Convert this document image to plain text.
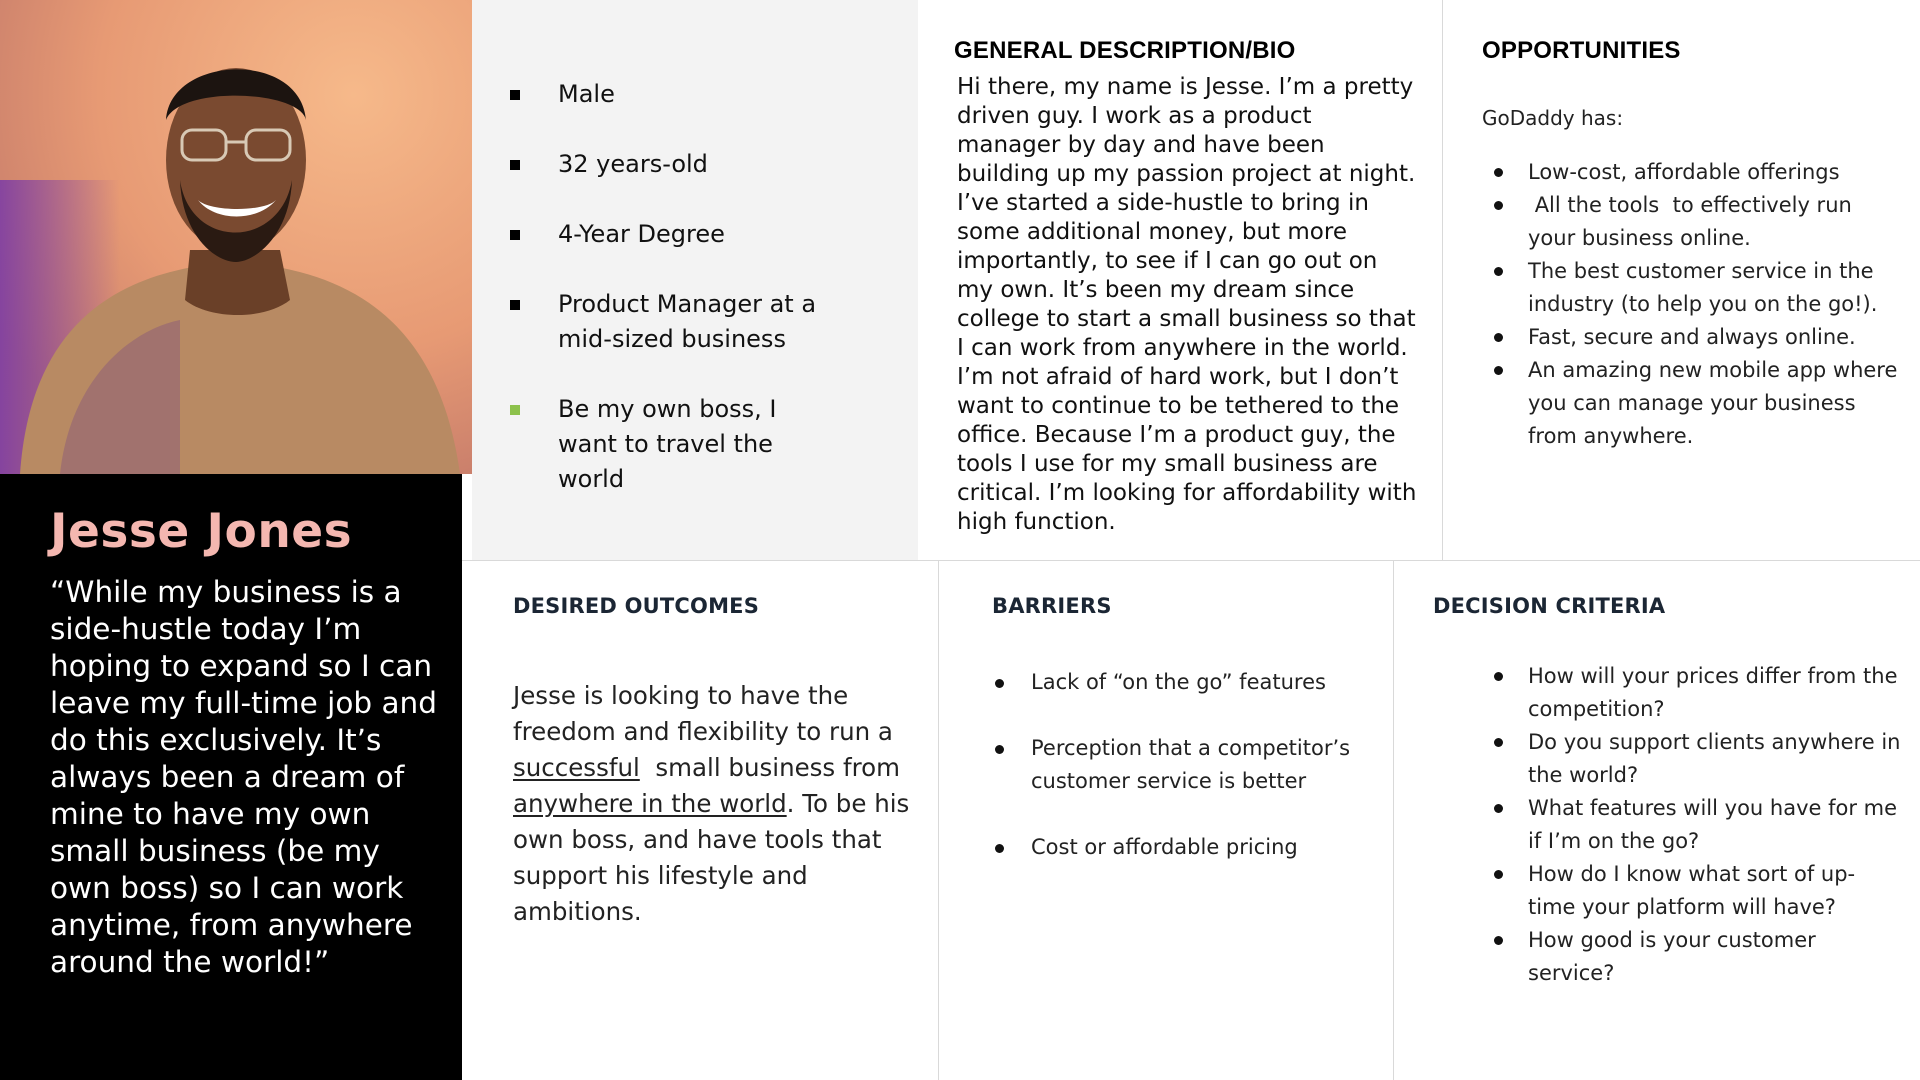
Jesse Jones
“While my business is a side-hustle today I’m hoping to expand so I can leave my full-time job and do this exclusively. It’s always been a dream of mine to have my own small business (be my own boss) so I can work anytime, from anywhere around the world!”
Male
32 years-old
4-Year Degree
Product Manager at a mid-sized business
Be my own boss, I want to travel the world
GENERAL DESCRIPTION/BIO
Hi there, my name is Jesse. I’m a pretty driven guy. I work as a product manager by day and have been building up my passion project at night. I’ve started a side-hustle to bring in some additional money, but more importantly, to see if I can go out on my own. It’s been my dream since college to start a small business so that I can work from anywhere in the world. I’m not afraid of hard work, but I don’t want to continue to be tethered to the office. Because I’m a product guy, the tools I use for my small business are critical. I’m looking for affordability with high function.
OPPORTUNITIES
GoDaddy has:
Low-cost, affordable offerings
All the tools  to effectively run your business online.
The best customer service in the industry (to help you on the go!).
Fast, secure and always online.
An amazing new mobile app where you can manage your business from anywhere.
DESIRED OUTCOMES
Jesse is looking to have the freedom and flexibility to run a successful  small business from anywhere in the world. To be his own boss, and have tools that support his lifestyle and ambitions.
BARRIERS
Lack of “on the go” features
Perception that a competitor’s customer service is better
Cost or affordable pricing
DECISION CRITERIA
How will your prices differ from the competition?
Do you support clients anywhere in the world?
What features will you have for me if I’m on the go?
How do I know what sort of up-time your platform will have?
How good is your customer service?
